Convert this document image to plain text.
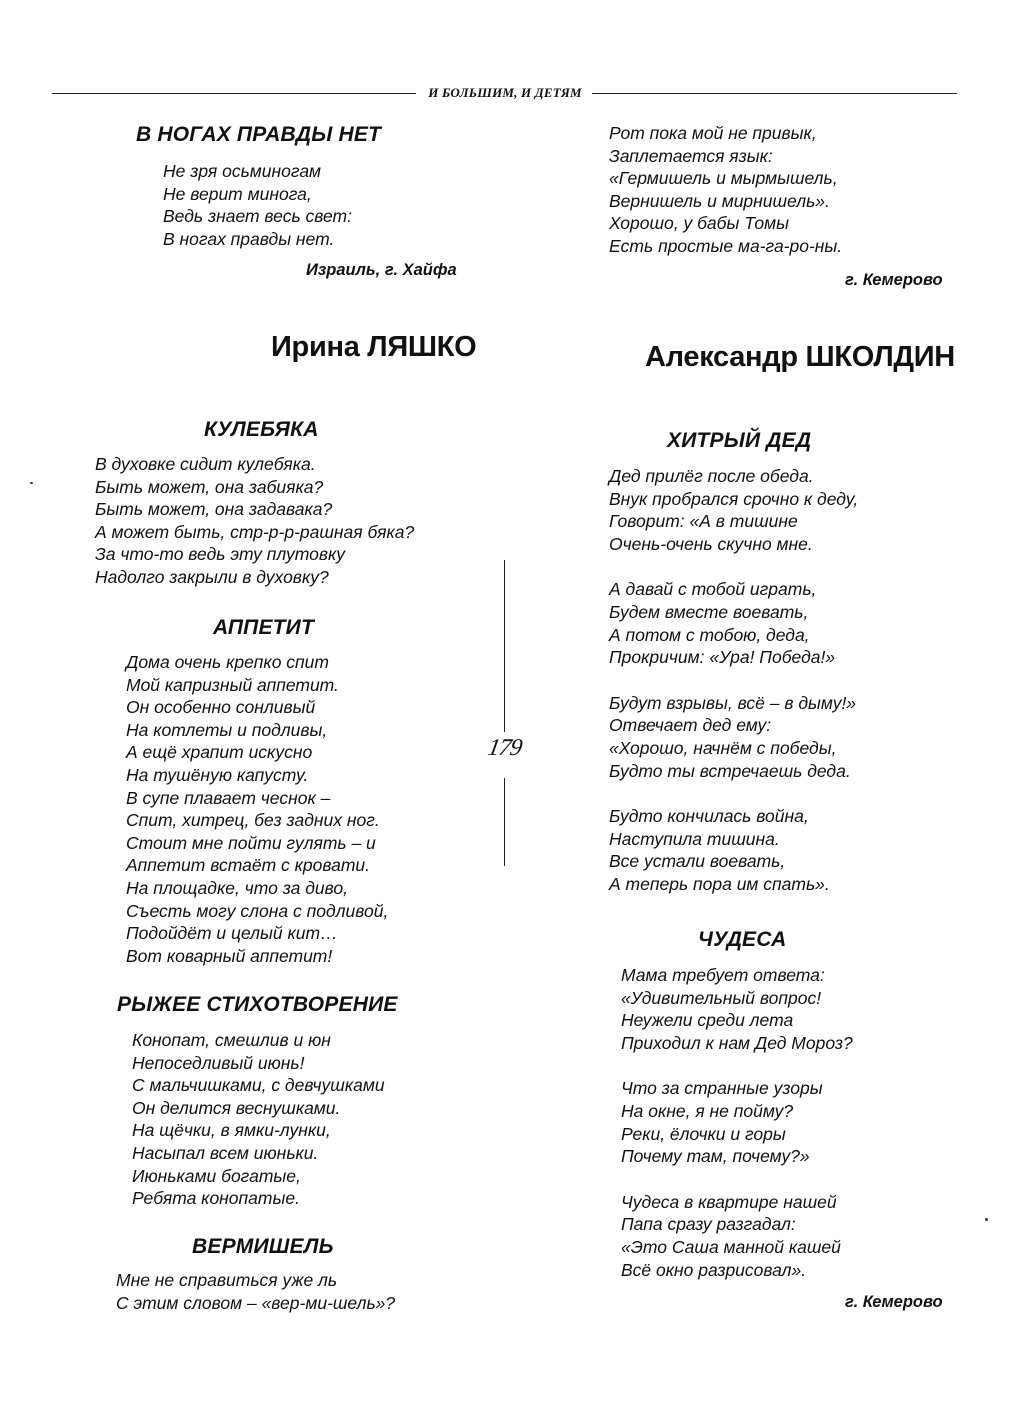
И БОЛЬШИМ, И ДЕТЯМ
В НОГАХ ПРАВДЫ НЕТ
Не зря осьминогам
Не верит минога,
Ведь знает весь свет:
В ногах правды нет.
Израиль, г. Хайфа
Рот пока мой не привык,
Заплетается язык:
«Гермишель и мырмышель,
Вернишель и мирнишель».
Хорошо, у бабы Томы
Есть простые ма-га-ро-ны.
г. Кемерово
Ирина ЛЯШКО	Александр ШКОЛДИН
КУЛЕБЯКА
В духовке сидит кулебяка.
Быть может, она забияка?
Быть может, она задавака?
А может быть, стр-р-р-рашная бяка?
За что-то ведь эту плутовку
Надолго закрыли в духовку?
АППЕТИТ
Дома очень крепко спит
Мой капризный аппетит.
Он особенно сонливый
На котлеты и подливы,
А ещё храпит искусно
На тушёную капусту.
В супе плавает чеснок –
Спит, хитрец, без задних ног.
Стоит мне пойти гулять – и
Аппетит встаёт с кровати.
На площадке, что за диво,
Съесть могу слона с подливой,
Подойдёт и целый кит…
Вот коварный аппетит!
РЫЖЕЕ СТИХОТВОРЕНИЕ
Конопат, смешлив и юн
Непоседливый июнь!
С мальчишками, с девчушками
Он делится веснушками.
На щёчки, в ямки-лунки,
Насыпал всем июньки.
Июньками богатые,
Ребята конопатые.
ВЕРМИШЕЛЬ
Мне не справиться уже ль
С этим словом – «вер-ми-шель»?
179
ХИТРЫЙ ДЕД
Дед прилёг после обеда.
Внук пробрался срочно к деду,
Говорит: «А в тишине
Очень-очень скучно мне.
А давай с тобой играть,
Будем вместе воевать,
А потом с тобою, деда,
Прокричим: «Ура! Победа!»
Будут взрывы, всё – в дыму!»
Отвечает дед ему:
«Хорошо, начнём с победы,
Будто ты встречаешь деда.
Будто кончилась война,
Наступила тишина.
Все устали воевать,
А теперь пора им спать».
ЧУДЕСА
Мама требует ответа:
«Удивительный вопрос!
Неужели среди лета
Приходил к нам Дед Мороз?
Что за странные узоры
На окне, я не пойму?
Реки, ёлочки и горы
Почему там, почему?»
Чудеса в квартире нашей
Папа сразу разгадал:
«Это Саша манной кашей
Всё окно разрисовал».
г. Кемерово
